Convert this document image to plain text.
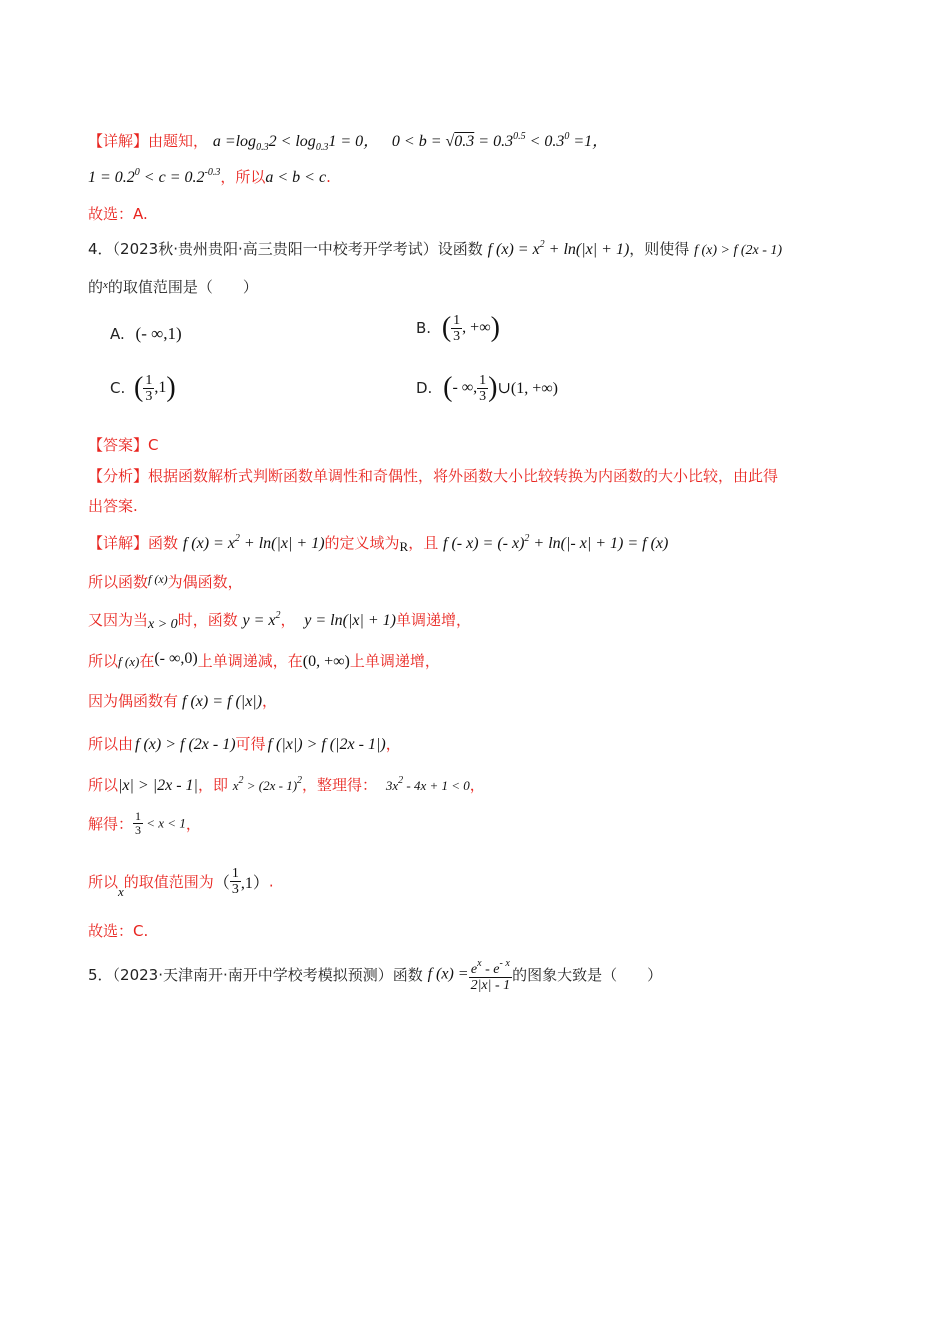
【详解】由题知， $a =\log_{0.3}2 < \log_{0.3}1 = 0$， $0 < b = √0.3 = 0.3^{0.5} < 0.3^0 =1$，
$1 = 0.2^0 < c = 0.2^{-0.3}$，所以a < b < c.
故选：A.
4．（2023秋·贵州贵阳·高三贵阳一中校考开学考试）设函数 f $(x) = x^2 + \ln(|x| + 1)$，则使得 f (x) > f (2x - 1)
的$^x$的取值范围是（　　）
A. (- ∞,1)	B. ( $\frac{1}{3}$ , +∞)
C. ( $\frac{1}{3} ,1$)	D. (- ∞, $\frac{1}{3}$ )∪(1, +∞)
【答案】C
【分析】根据函数解析式判断函数单调性和奇偶性，将外函数大小比较转换为内函数的大小比较，由此得
出答案.
【详解】函数 f $(x) = x^2 + \ln(|x| + 1)$的定义域为R，且 f (- x) = (- x)$^2$ + ln(|- x| + 1) = f (x)
所以函数$^{f (x)}$为偶函数，
又因为当x > 0时，函数 $y = x^2$， y = ln(|x| + 1)单调递增，
所以f (x)在(- ∞,0)上单调递减，在(0, +∞)上单调递增，
因为偶函数有 f (x) = f (|x|)，
所以由 f (x) > f (2x - 1)可得 f (|x|) > f (|2x - 1|)，
所以|x| > |2x - 1|，即 $x^2 > (2x - 1)^2$，整理得： $3x^2 - 4x + 1 < 0$，
解得： $\frac{1}{3} < x < 1$，
所以x的取值范围为（ $\frac{1}{3} ,1$）.
故选：C.
5．（2023·天津南开·南开中学校考模拟预测）函数 f $(x) = \frac{e^x - e^{- x}}{2|x| - 1}$ 的图象大致是（　　）
